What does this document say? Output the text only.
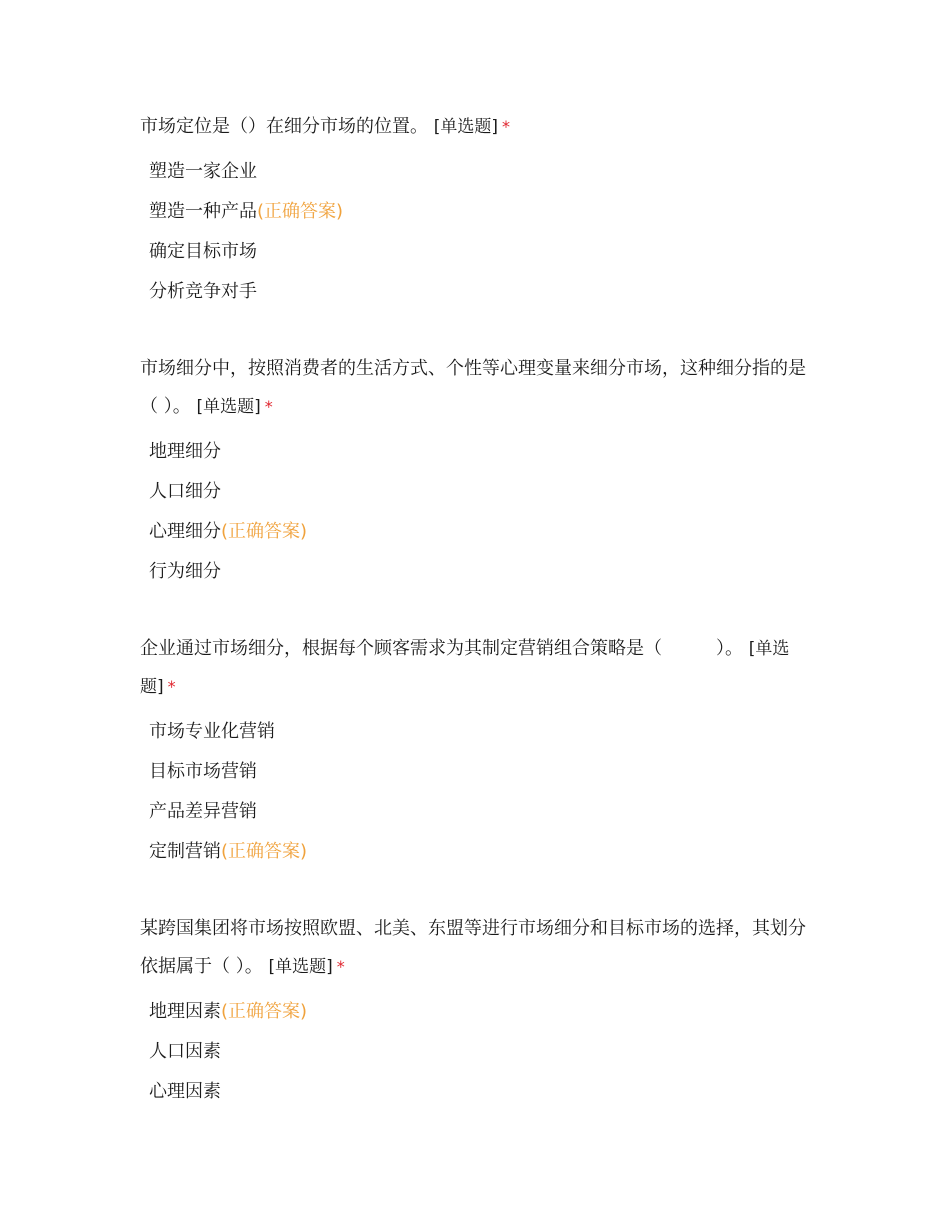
市场定位是（）在细分市场的位置。 [单选题] *

塑造一家企业
塑造一种产品(正确答案)
确定目标市场
分析竞争对手

市场细分中，按照消费者的生活方式、个性等心理变量来细分市场，这种细分指的是（ ）。 [单选题] *

地理细分
人口细分
心理细分(正确答案)
行为细分

企业通过市场细分，根据每个顾客需求为其制定营销组合策略是（　　　）。 [单选题] *

市场专业化营销
目标市场营销
产品差异营销
定制营销(正确答案)

某跨国集团将市场按照欧盟、北美、东盟等进行市场细分和目标市场的选择，其划分依据属于（ ）。 [单选题] *

地理因素(正确答案)
人口因素
心理因素
